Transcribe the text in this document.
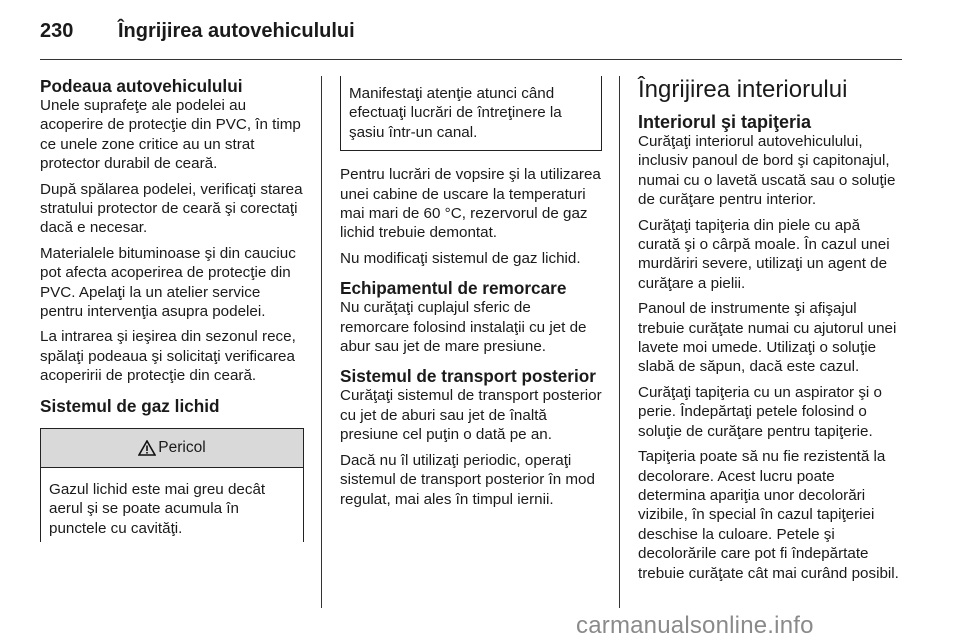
230 Îngrijirea autovehiculului
Podeaua autovehiculului

Unele suprafeţe ale podelei au acoperire de protecţie din PVC, în timp ce unele zone critice au un strat protector durabil de ceară.

După spălarea podelei, verificaţi starea stratului protector de ceară şi corectaţi dacă e necesar.

Materialele bituminoase şi din cauciuc pot afecta acoperirea de protecţie din PVC. Apelaţi la un atelier service pentru intervenţia asupra podelei.

La intrarea şi ieşirea din sezonul rece, spălaţi podeaua şi solicitaţi verificarea acoperirii de protecţie din ceară.

Sistemul de gaz lichid
Pericol

Gazul lichid este mai greu decât aerul şi se poate acumula în punctele cu cavităţi.

Manifestaţi atenţie atunci când efectuaţi lucrări de întreţinere la şasiu într-un canal.

Pentru lucrări de vopsire şi la utilizarea unei cabine de uscare la temperaturi mai mari de 60 °C, rezervorul de gaz lichid trebuie demontat.

Nu modificaţi sistemul de gaz lichid.

Echipamentul de remorcare

Nu curăţaţi cuplajul sferic de remorcare folosind instalaţii cu jet de abur sau jet de mare presiune.

Sistemul de transport posterior

Curăţaţi sistemul de transport posterior cu jet de aburi sau jet de înaltă presiune cel puţin o dată pe an.

Dacă nu îl utilizaţi periodic, operaţi sistemul de transport posterior în mod regulat, mai ales în timpul iernii.

Îngrijirea interiorului
Interiorul şi tapiţeria

Curăţaţi interiorul autovehiculului, inclusiv panoul de bord şi capitonajul, numai cu o lavetă uscată sau o soluţie de curăţare pentru interior.

Curăţaţi tapiţeria din piele cu apă curată şi o cârpă moale. În cazul unei murdăriri severe, utilizaţi un agent de curăţare a pielii.

Panoul de instrumente şi afişajul trebuie curăţate numai cu ajutorul unei lavete moi umede. Utilizaţi o soluţie slabă de săpun, dacă este cazul.

Curăţaţi tapiţeria cu un aspirator şi o perie. Îndepărtaţi petele folosind o soluţie de curăţare pentru tapiţerie.

Tapiţeria poate să nu fie rezistentă la decolorare. Acest lucru poate determina apariţia unor decolorări vizibile, în special în cazul tapiţeriei deschise la culoare. Petele şi decolorările care pot fi îndepărtate trebuie curăţate cât mai curând posibil.

carmanualsonline.info
